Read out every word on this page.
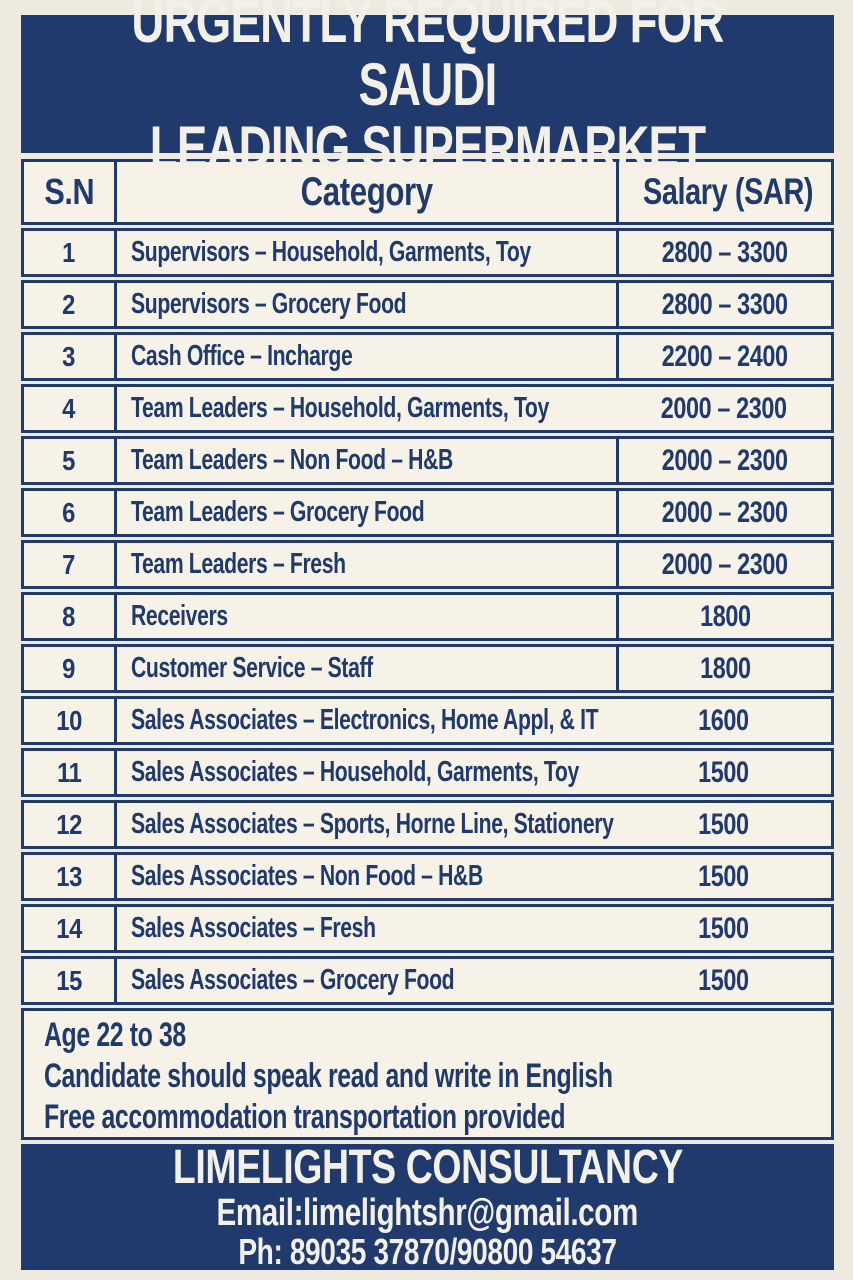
URGENTLY REQUIRED FOR SAUDI
LEADING SUPERMARKET
S.N	Category	Salary (SAR)
1 Supervisors – Household, Garments, Toy	2800 – 3300
2 Supervisors – Grocery Food	2800 – 3300
3 Cash Office – Incharge	2200 – 2400
4 Team Leaders – Household, Garments, Toy	2000 – 2300
5 Team Leaders – Non Food – H&B	2000 – 2300
6 Team Leaders – Grocery Food	2000 – 2300
7 Team Leaders – Fresh	2000 – 2300
8 Receivers	1800
9 Customer Service – Staff	1800
10 Sales Associates – Electronics, Home Appl, & IT	1600
11 Sales Associates – Household, Garments, Toy	1500
12 Sales Associates – Sports, Horne Line, Stationery	1500
13 Sales Associates – Non Food – H&B	1500
14 Sales Associates – Fresh	1500
15 Sales Associates – Grocery Food	1500
Age 22 to 38
Candidate should speak read and write in English
Free accommodation transportation provided
LIMELIGHTS CONSULTANCY
Email:limelightshr@gmail.com
Ph: 89035 37870/90800 54637
